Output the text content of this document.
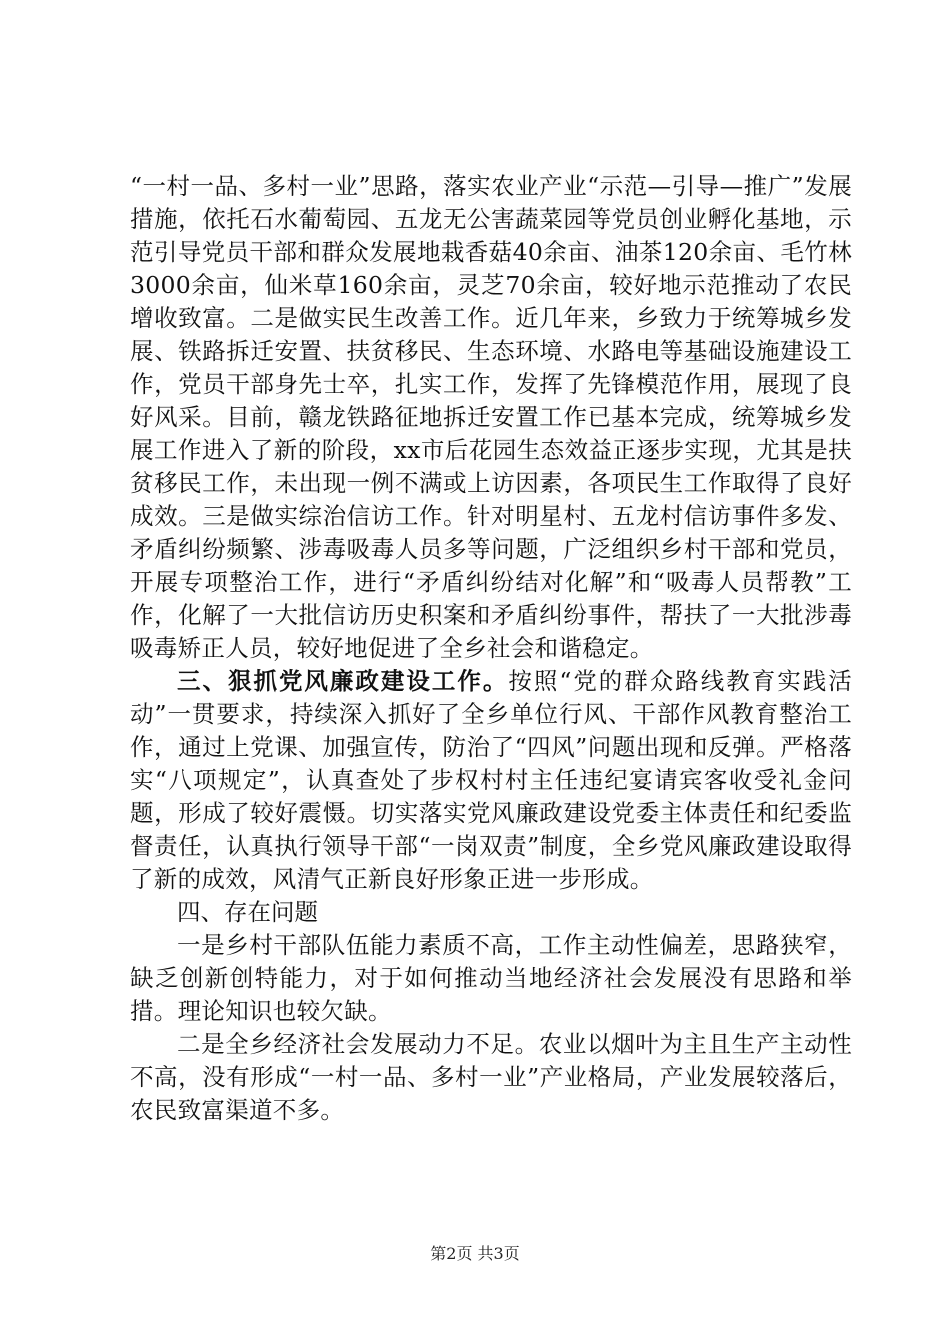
“一村一品、多村一业”思路，落实农业产业“示范—引导—推广”发展措施，依托石水葡萄园、五龙无公害蔬菜园等党员创业孵化基地，示范引导党员干部和群众发展地栽香菇40余亩、油茶120余亩、毛竹林3000余亩，仙米草160余亩，灵芝70余亩，较好地示范推动了农民增收致富。二是做实民生改善工作。近几年来，乡致力于统筹城乡发展、铁路拆迁安置、扶贫移民、生态环境、水路电等基础设施建设工作，党员干部身先士卒，扎实工作，发挥了先锋模范作用，展现了良好风采。目前，赣龙铁路征地拆迁安置工作已基本完成，统筹城乡发展工作进入了新的阶段，xx市后花园生态效益正逐步实现，尤其是扶贫移民工作，未出现一例不满或上访因素，各项民生工作取得了良好成效。三是做实综治信访工作。针对明星村、五龙村信访事件多发、矛盾纠纷频繁、涉毒吸毒人员多等问题，广泛组织乡村干部和党员，开展专项整治工作，进行“矛盾纠纷结对化解”和“吸毒人员帮教”工作，化解了一大批信访历史积案和矛盾纠纷事件，帮扶了一大批涉毒吸毒矫正人员，较好地促进了全乡社会和谐稳定。

三、狠抓党风廉政建设工作。按照“党的群众路线教育实践活动”一贯要求，持续深入抓好了全乡单位行风、干部作风教育整治工作，通过上党课、加强宣传，防治了“四风”问题出现和反弹。严格落实“八项规定”，认真查处了步权村村主任违纪宴请宾客收受礼金问题，形成了较好震慑。切实落实党风廉政建设党委主体责任和纪委监督责任，认真执行领导干部“一岗双责”制度，全乡党风廉政建设取得了新的成效，风清气正新良好形象正进一步形成。

四、存在问题

一是乡村干部队伍能力素质不高，工作主动性偏差，思路狭窄，缺乏创新创特能力，对于如何推动当地经济社会发展没有思路和举措。理论知识也较欠缺。

二是全乡经济社会发展动力不足。农业以烟叶为主且生产主动性不高，没有形成“一村一品、多村一业”产业格局，产业发展较落后，农民致富渠道不多。

第2页 共3页
